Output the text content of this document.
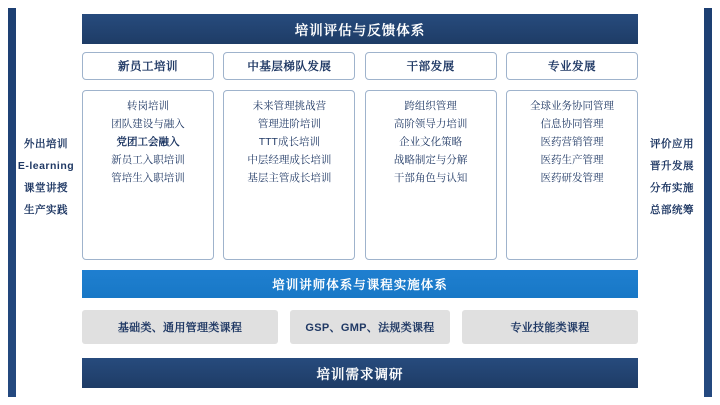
外出培训
E-learning
课堂讲授
生产实践
评价应用
晋升发展
分布实施
总部统筹
培训评估与反馈体系
新员工培训
转岗培训
团队建设与融入
党团工会融入
新员工入职培训
管培生入职培训
中基层梯队发展
未来管理挑战营
管理进阶培训
TTT成长培训
中层经理成长培训
基层主管成长培训
干部发展
跨组织管理
高阶领导力培训
企业文化策略
战略制定与分解
干部角色与认知
专业发展
全球业务协同管理
信息协同管理
医药营销管理
医药生产管理
医药研发管理
培训讲师体系与课程实施体系
基础类、通用管理类课程	GSP、GMP、法规类课程	专业技能类课程
培训需求调研
